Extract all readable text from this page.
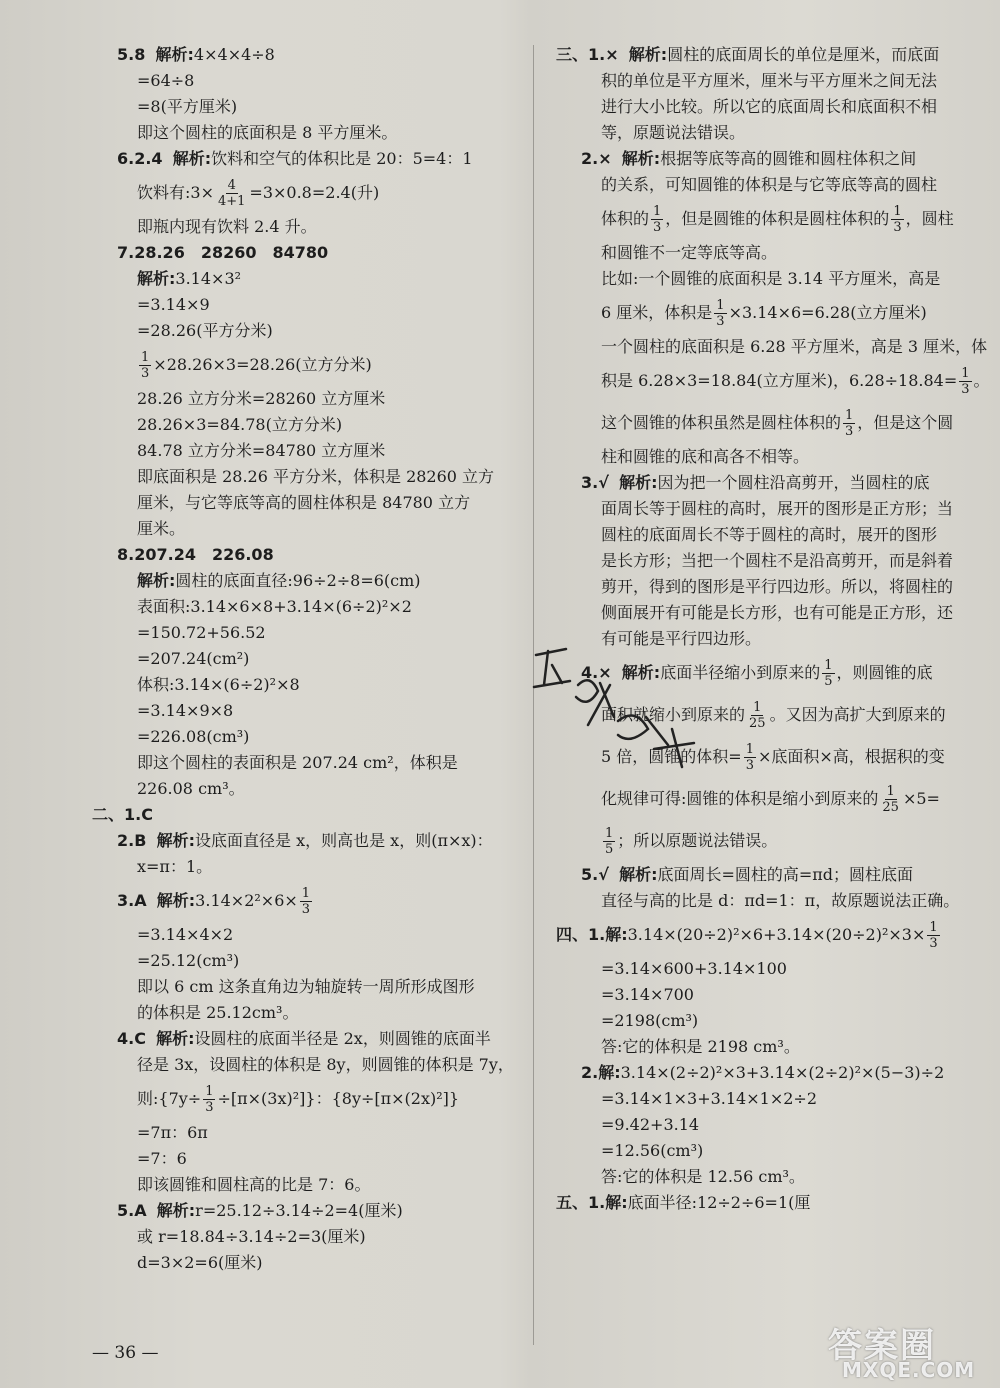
5.8
解析: 4×4×4÷8
=64÷8
=8(平方厘米)
即这个圆柱的底面积是 8 平方厘米。
6.2.4
解析: 饮料和空气的体积比是 20：5=4：1
饮料有:3× $\frac{4}{4+1} =3\times 0.8=2.4$(升)
即瓶内现有饮料 2.4 升。
7.28.26　28260　84780
解析: 3.14×3²
=3.14×9
=28.26(平方分米)
$\frac{1}{3} \times 28.26\times 3=28.26$(立方分米)
28.26 立方分米=28260 立方厘米
28.26×3=84.78(立方分米)
84.78 立方分米=84780 立方厘米
即底面积是 28.26 平方分米，体积是 28260 立方
厘米，与它等底等高的圆柱体积是 84780 立方
厘米。
8.207.24　226.08
解析: 圆柱的底面直径:96÷2÷8=6(cm)
表面积:3.14×6×8+3.14×(6÷2)²×2
=150.72+56.52
=207.24(cm²)
体积:3.14×(6÷2)²×8
=3.14×9×8
=226.08(cm³)
即这个圆柱的表面积是 207.24 cm²，体积是
226.08 cm³。
二、1.C
2.B
解析: 设底面直径是 x，则高也是 x，则(π×x)：
x=π：1。
3.A
解析: $3.14\times 2^2\times 6\times \frac{1}{3}$
=3.14×4×2
=25.12(cm³)
即以 6 cm 这条直角边为轴旋转一周所形成图形
的体积是 25.12cm³。
4.C
解析: 设圆柱的底面半径是 2x，则圆锥的底面半
径是 3x，设圆柱的体积是 8y，则圆锥的体积是 7y，
则:{7y÷ $\frac{1}{3} \div[\pi\times(3x)^2]$}：{8y÷[π×(2x)²]}
=7π：6π
=7：6
即该圆锥和圆柱高的比是 7：6。
5.A
解析: r=25.12÷3.14÷2=4(厘米)
或 r=18.84÷3.14÷2=3(厘米)
d=3×2=6(厘米)
三、1.×
解析: 圆柱的底面周长的单位是厘米，而底面
积的单位是平方厘米，厘米与平方厘米之间无法
进行大小比较。所以它的底面周长和底面积不相
等，原题说法错误。
2.×
解析: 根据等底等高的圆锥和圆柱体积之间
的关系，可知圆锥的体积是与它等底等高的圆柱
体积的 $\frac{1}{3}$ ，但是圆锥的体积是圆柱体积的 $\frac{1}{3}$ ，圆柱
和圆锥不一定等底等高。
比如:一个圆锥的底面积是 3.14 平方厘米，高是
6 厘米，体积是 $\frac{1}{3} \times 3.14\times 6=6.28$(立方厘米)
一个圆柱的底面积是 6.28 平方厘米，高是 3 厘米，体
积是 6.28×3=18.84(立方厘米)，$6.28\div 18.84= \frac{1}{3}$ 。
这个圆锥的体积虽然是圆柱体积的 $\frac{1}{3}$ ，但是这个圆
柱和圆锥的底和高各不相等。
3.√
解析: 因为把一个圆柱沿高剪开，当圆柱的底
面周长等于圆柱的高时，展开的图形是正方形；当
圆柱的底面周长不等于圆柱的高时，展开的图形
是长方形；当把一个圆柱不是沿高剪开，而是斜着
剪开，得到的图形是平行四边形。所以，将圆柱的
侧面展开有可能是长方形，也有可能是正方形，还
有可能是平行四边形。
4.×
解析: 底面半径缩小到原来的 $\frac{1}{5}$ ，则圆锥的底
面积就缩小到原来的 $\frac{1}{25}$ 。又因为高扩大到原来的
5 倍，圆锥的体积= $\frac{1}{3}$ ×底面积×高，根据积的变
化规律可得:圆锥的体积是缩小到原来的 $\frac{1}{25} \times 5=$
$\frac{1}{5}$ ；所以原题说法错误。
5.√
解析: 底面周长=圆柱的高=πd；圆柱底面
直径与高的比是 d：πd=1：π，故原题说法正确。
四、1.解: $3.14\times(20\div 2)^2\times 6+3.14\times(20\div 2)^2\times 3\times \frac{1}{3}$
=3.14×600+3.14×100
=3.14×700
=2198(cm³)
答:它的体积是 2198 cm³。
2.解: 3.14×(2÷2)²×3+3.14×(2÷2)²×(5−3)÷2
=3.14×1×3+3.14×1×2÷2
=9.42+3.14
=12.56(cm³)
答:它的体积是 12.56 cm³。
五、1.解: 底面半径:12÷2÷6=1(厘
— 36 —	答案圈
MXQE.COM
